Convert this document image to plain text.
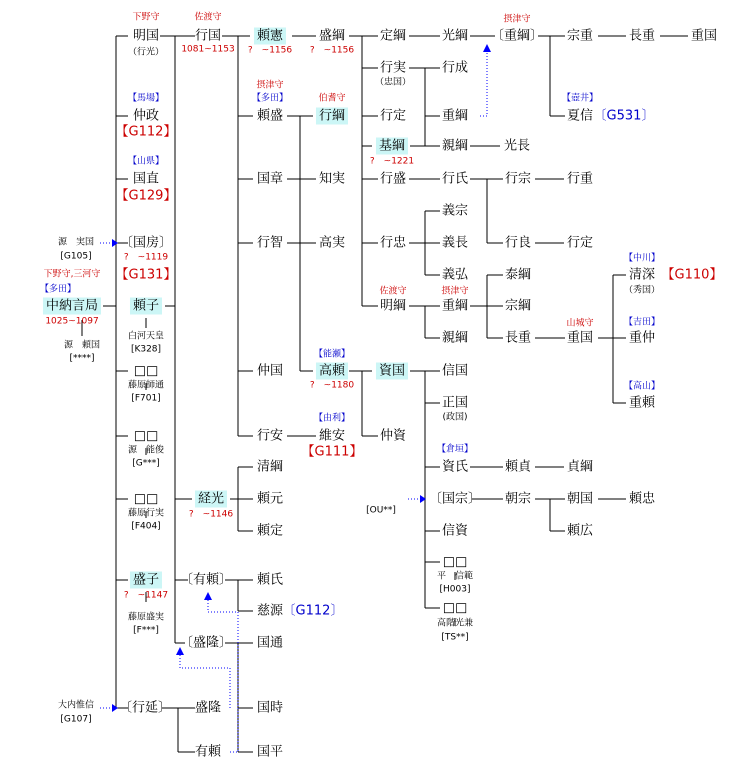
下野守
明国
（行光）
【馬場】
仲政
【G112】
【山県】
国直
【G129】
〔国房〕
?　~1119
【G131】
頼子
白河天皇
[K328]
□□
藤原師通
[F701]
□□
源　能俊
[G***]
□□
藤原行実
[F404]
盛子
?　~1147
藤原盛実
[F***]
〔行延〕
源　実国
[G105]
下野守,三河守
【多田】
中納言局
1025~1097
源　頼国
[****]
大内惟信
[G107]
佐渡守
行国
1081~1153
経光
?　~1146
〔有頼〕
〔盛隆〕
盛隆
有頼
頼憲
?　~1156
摂津守
【多田】
頼盛
国章
行智
仲国
行安
清綱
頼元
頼定
頼氏
慈源 〔G112〕
国通
国時
国平
盛綱
?　~1156
伯耆守
行綱
知実
高実
【能瀬】
高頼
?　~1180
【由利】
維安
【G111】
定綱
行実
（忠国）
行定
基綱
?　~1221
行盛
行忠
佐渡守
明綱
資国
仲資
[OU**]
光綱
行成
重綱
親綱
行氏
義宗
義長
義弘
摂津守
重綱
親綱
信国
正国
(政国)
【倉垣】
資氏
〔国宗〕
信資
□□
平　信範
[H003]
□□
高階光兼
[TS**]
摂津守
〔重綱〕
光長
行宗
行良
泰綱
宗綱
長重
頼貞
朝宗
宗重
【壺井】
夏信 〔G531〕
行重
行定
山城守
重国
貞綱
朝国
頼広
長重
【中川】
清深
（秀国）
【G110】
【吉田】
重仲
【高山】
重頼
頼忠
重国
